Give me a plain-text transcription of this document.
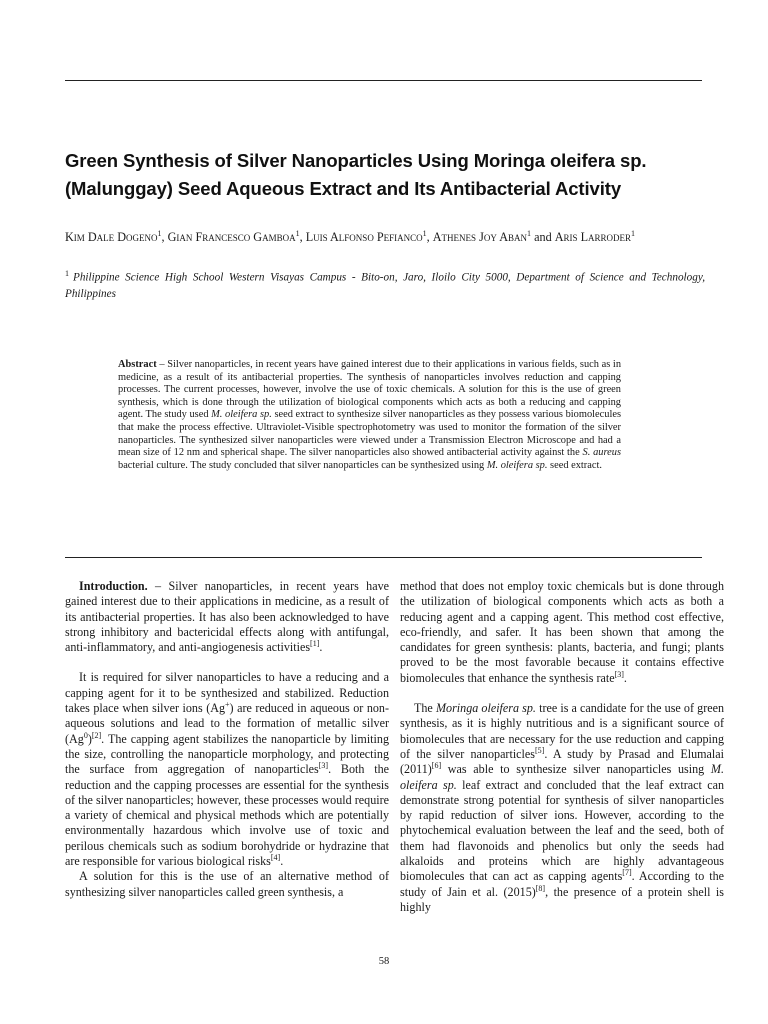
Green Synthesis of Silver Nanoparticles Using Moringa oleifera sp.
(Malunggay) Seed Aqueous Extract and Its Antibacterial Activity
Kim Dale Dogeno$^1$, Gian Francesco Gamboa$^1$, Luis Alfonso Pefianco$^1$, Athenes Joy Aban$^1$ and Aris Larroder$^1$
$^1$ Philippine Science High School Western Visayas Campus - Bito-on, Jaro, Iloilo City 5000, Department of Science and Technology, Philippines

Abstract – Silver nanoparticles, in recent years have gained interest due to their applications in various fields, such as in medicine, as a result of its antibacterial properties. The synthesis of nanoparticles involves reduction and capping processes. The current processes, however, involve the use of toxic chemicals. A solution for this is the use of green synthesis, which is done through the utilization of biological components which acts as both a reducing and capping agent. The study used M. oleifera sp. seed extract to synthesize silver nanoparticles as they possess various biomolecules that make the process effective. Ultraviolet-Visible spectrophotometry was used to monitor the formation of the silver nanoparticles. The synthesized silver nanoparticles were viewed under a Transmission Electron Microscope and had a mean size of 12 nm and spherical shape. The silver nanoparticles also showed antibacterial activity against the S. aureus bacterial culture. The study concluded that silver nanoparticles can be synthesized using M. oleifera sp. seed extract.

Introduction. – Silver nanoparticles, in recent years have gained interest due to their applications in medicine, as a result of its antibacterial properties. It has also been acknowledged to have strong inhibitory and bactericidal effects along with antifungal, anti-inflammatory, and anti-angiogenesis activities[1].

It is required for silver nanoparticles to have a reducing and a capping agent for it to be synthesized and stabilized. Reduction takes place when silver ions (Ag+) are reduced in aqueous or non-aqueous solutions and lead to the formation of metallic silver (Ag$^0$)[2]. The capping agent stabilizes the nanoparticle by limiting the size, controlling the nanoparticle morphology, and protecting the surface from aggregation of nanoparticles[3]. Both the reduction and the capping processes are essential for the synthesis of the silver nanoparticles; however, these processes would require a variety of chemical and physical methods which are potentially environmentally hazardous which involve use of toxic and perilous chemicals such as sodium borohydride or hydrazine that are responsible for various biological risks[4].

A solution for this is the use of an alternative method of synthesizing silver nanoparticles called green synthesis, a

method that does not employ toxic chemicals but is done through the utilization of biological components which acts as both a reducing agent and a capping agent. This method cost effective, eco-friendly, and safer. It has been shown that among the candidates for green synthesis: plants, bacteria, and fungi; plants proved to be the most favorable because it contains effective biomolecules that enhance the synthesis rate[3].

The Moringa oleifera sp. tree is a candidate for the use of green synthesis, as it is highly nutritious and is a significant source of biomolecules that are necessary for the use reduction and capping of the silver nanoparticles[5]. A study by Prasad and Elumalai (2011)[6] was able to synthesize silver nanoparticles using M. oleifera sp. leaf extract and concluded that the leaf extract can demonstrate strong potential for synthesis of silver nanoparticles by rapid reduction of silver ions. However, according to the phytochemical evaluation between the leaf and the seed, both of them had flavonoids and phenolics but only the seeds had alkaloids and proteins which are highly advantageous biomolecules that can act as capping agents[7]. According to the study of Jain et al. (2015)[8], the presence of a protein shell is highly

58
